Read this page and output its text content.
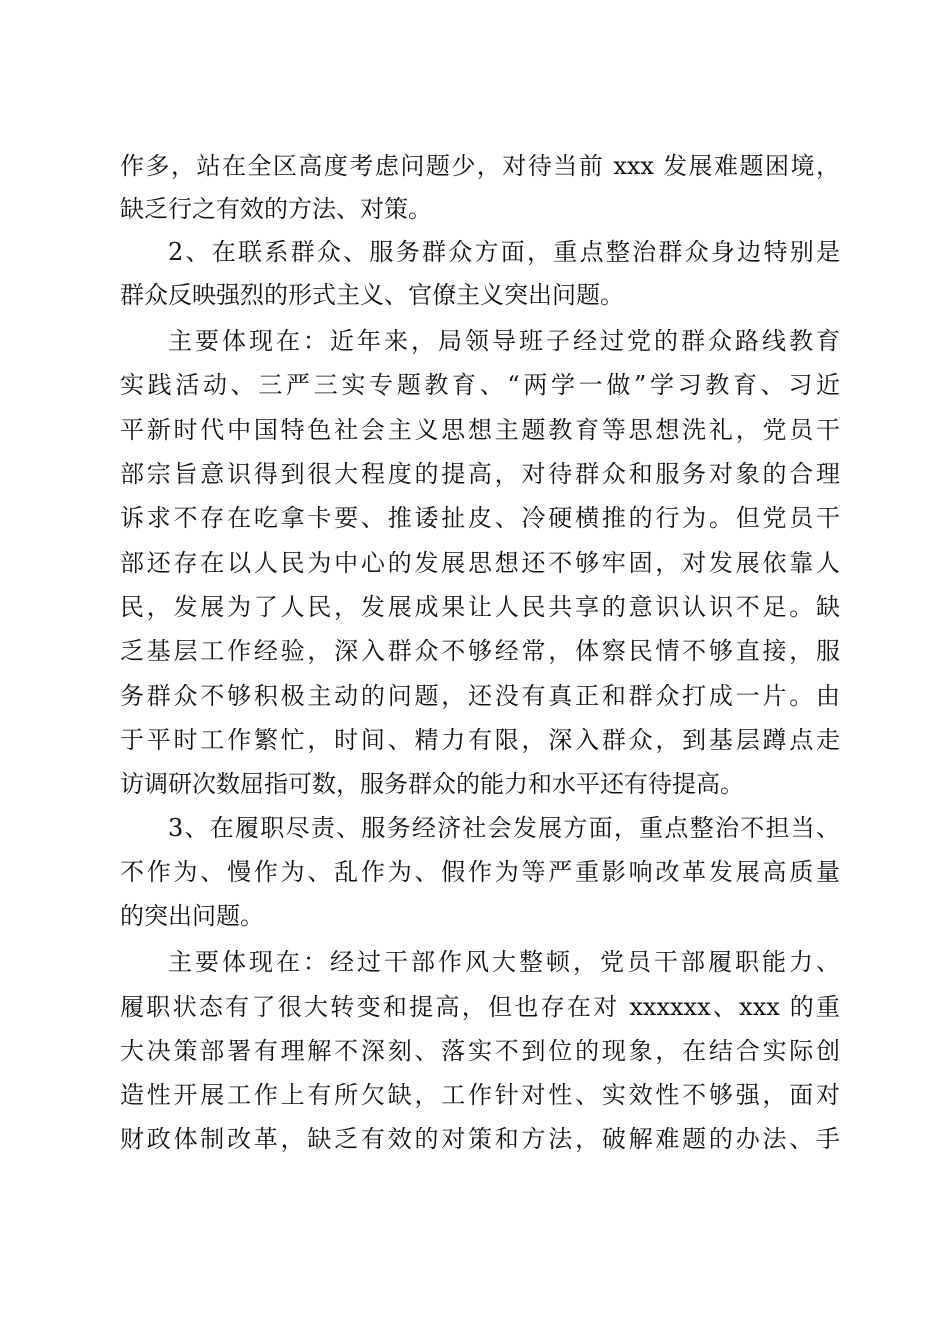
作多，站在全区高度考虑问题少，对待当前 xxx 发展难题困境，
缺乏行之有效的方法、对策。
2、在联系群众、服务群众方面，重点整治群众身边特别是
群众反映强烈的形式主义、官僚主义突出问题。
主要体现在：近年来，局领导班子经过党的群众路线教育
实践活动、三严三实专题教育、“两学一做”学习教育、习近
平新时代中国特色社会主义思想主题教育等思想洗礼，党员干
部宗旨意识得到很大程度的提高，对待群众和服务对象的合理
诉求不存在吃拿卡要、推诿扯皮、冷硬横推的行为。但党员干
部还存在以人民为中心的发展思想还不够牢固，对发展依靠人
民，发展为了人民，发展成果让人民共享的意识认识不足。缺
乏基层工作经验，深入群众不够经常，体察民情不够直接，服
务群众不够积极主动的问题，还没有真正和群众打成一片。由
于平时工作繁忙，时间、精力有限，深入群众，到基层蹲点走
访调研次数屈指可数，服务群众的能力和水平还有待提高。
3、在履职尽责、服务经济社会发展方面，重点整治不担当、
不作为、慢作为、乱作为、假作为等严重影响改革发展高质量
的突出问题。
主要体现在：经过干部作风大整顿，党员干部履职能力、
履职状态有了很大转变和提高，但也存在对 xxxxxx、xxx 的重
大决策部署有理解不深刻、落实不到位的现象，在结合实际创
造性开展工作上有所欠缺，工作针对性、实效性不够强，面对
财政体制改革，缺乏有效的对策和方法，破解难题的办法、手
